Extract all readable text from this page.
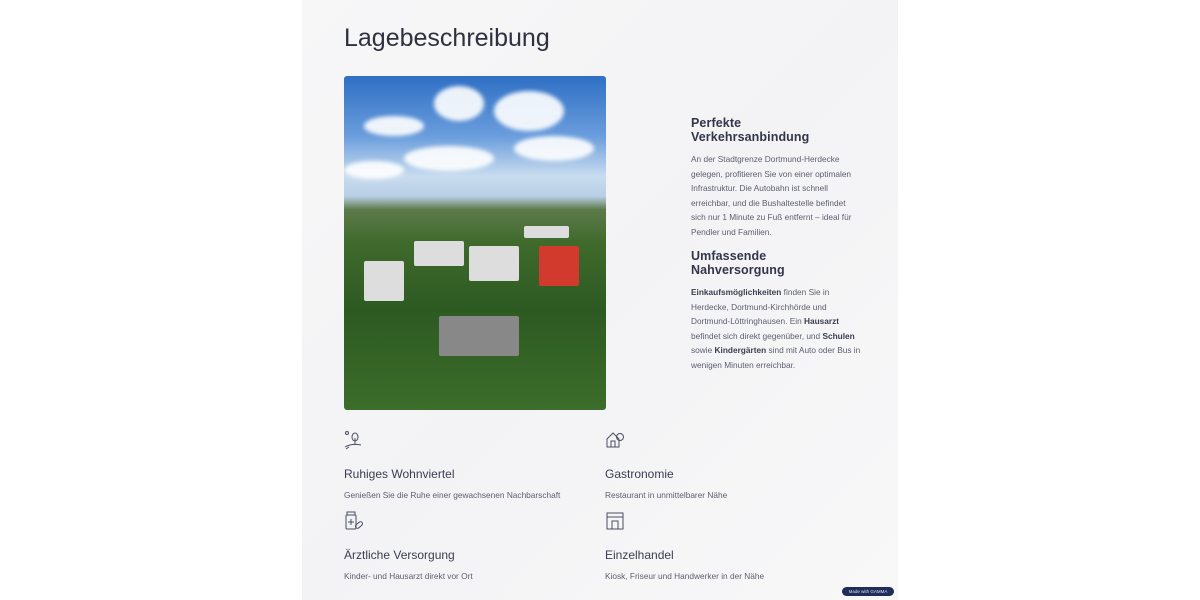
Lagebeschreibung
Perfekte Verkehrsanbindung

An der Stadtgrenze Dortmund-Herdecke gelegen, profitieren Sie von einer optimalen Infrastruktur. Die Autobahn ist schnell erreichbar, und die Bushaltestelle befindet sich nur 1 Minute zu Fuß entfernt – ideal für Pendler und Familien.

Umfassende Nahversorgung

Einkaufsmöglichkeiten finden Sie in Herdecke, Dortmund-Kirchhörde und Dortmund-Löttringhausen. Ein Hausarzt befindet sich direkt gegenüber, und Schulen sowie Kindergärten sind mit Auto oder Bus in wenigen Minuten erreichbar.

Ruhiges Wohnviertel
Genießen Sie die Ruhe einer gewachsenen Nachbarschaft
Gastronomie
Restaurant in unmittelbarer Nähe
Ärztliche Versorgung
Kinder- und Hausarzt direkt vor Ort
Einzelhandel
Kiosk, Friseur und Handwerker in der Nähe
Made with GAMMA
